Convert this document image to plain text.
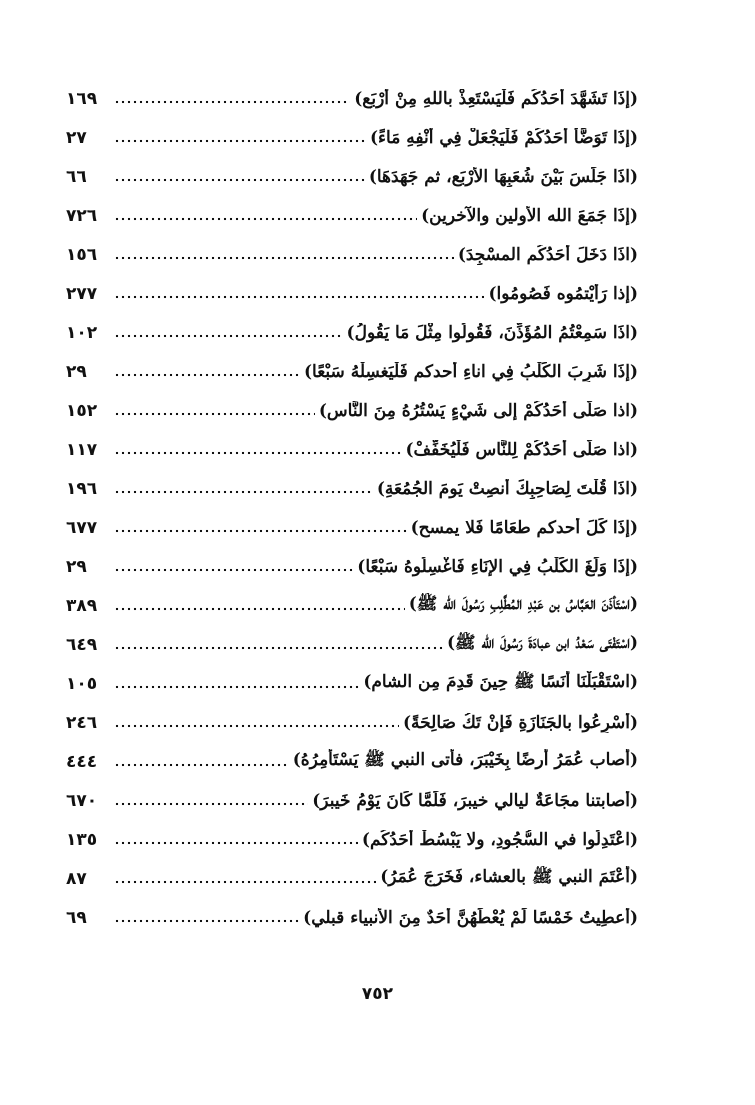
(إذَا تَشَهَّدَ أحَدُكُم فَلْيَسْتَعِذْ باللهِ مِنْ أرْبَعٍ)
١٦٩
(إذَا تَوَضَّأَ أحَدُكُمْ فَلْيَجْعَلْ فِي أَنْفِهِ مَاءً)
٢٧
(اذَا جَلَسَ بَيْنَ شُعَبِهَا الأَرْبَعِ، ثم جَهَدَهَا)
٦٦
(إذَا جَمَعَ الله الأولين والآخرين)
٧٢٦
(اذَا دَخَلَ أحَدُكُم المسْجِدَ)
١٥٦
(إذا رَأَيْتمُوه فَصُومُوا)
٢٧٧
(اذَا سَمِعْتُمُ المُؤَذِّنَ، فَقُولُوا مِثْلَ مَا يَقُولُ)
١٠٢
(إذَا شَرِبَ الكَلْبُ فِي اناءِ أحدكم فَلْيَغسِلْهُ سَبْعًا)
٢٩
(اذا صَلَّى أحَدُكُمْ إلى شَيْءٍ يَسْتُرُهُ مِنَ النَّاسِ)
١٥٢
(اذا صَلَّى أحَدُكُمْ لِلنَّاسِ فَلْيُخَفِّفْ)
١١٧
(اذَا قُلْتَ لِصَاحِبِكَ أنصِتْ يَومَ الجُمُعَةِ)
١٩٦
(إذَا كَلَ أحدكم طعَامًا فَلا يمسح)
٦٧٧
(إذَا وَلَغَ الكَلْبُ فِي الإنَاءِ فَاغْسِلُوهُ سَبْعًا)
٢٩
(اسْتَأذَنَ العَبَّاسُ بن عَبْدِ المُطَّلِبِ رَسُولَ الله ﷺ)
٣٨٩
(اسْتَفْتَى سَعْدُ ابن عبادَةَ رَسُولَ الله ﷺ)
٦٤٩
(اسْتَقْبَلْنَا أنَسًا ﷺ حِينَ قَدِمَ مِن الشام)
١٠٥
(أسْرِعُوا بالجَنَازَةِ فَإنْ تَكُ صَالِحَةً)
٢٤٦
(أصاب عُمَرُ أرضًا بِخَيْبَرَ، فأتى النبي ﷺ يَسْتَأمِرُهُ)
٤٤٤
(أصابتنا مجَاعَةٌ ليالي خيبرَ، فَلَمَّا كَانَ يَوْمُ خَيبرَ)
٦٧٠
(اعْتَدِلُوا في السُّجُودِ، ولا يَبْسُطْ أحَدُكُم)
١٣٥
(أعْتَمَ النبي ﷺ بالعشاء، فَخَرَجَ عُمَرُ)
٨٧
(أُعطِيتُ خَمْسًا لَمْ يُعْطَهُنَّ أحَدٌ مِنَ الأنبياء قبلي)
٦٩
٧٥٢
